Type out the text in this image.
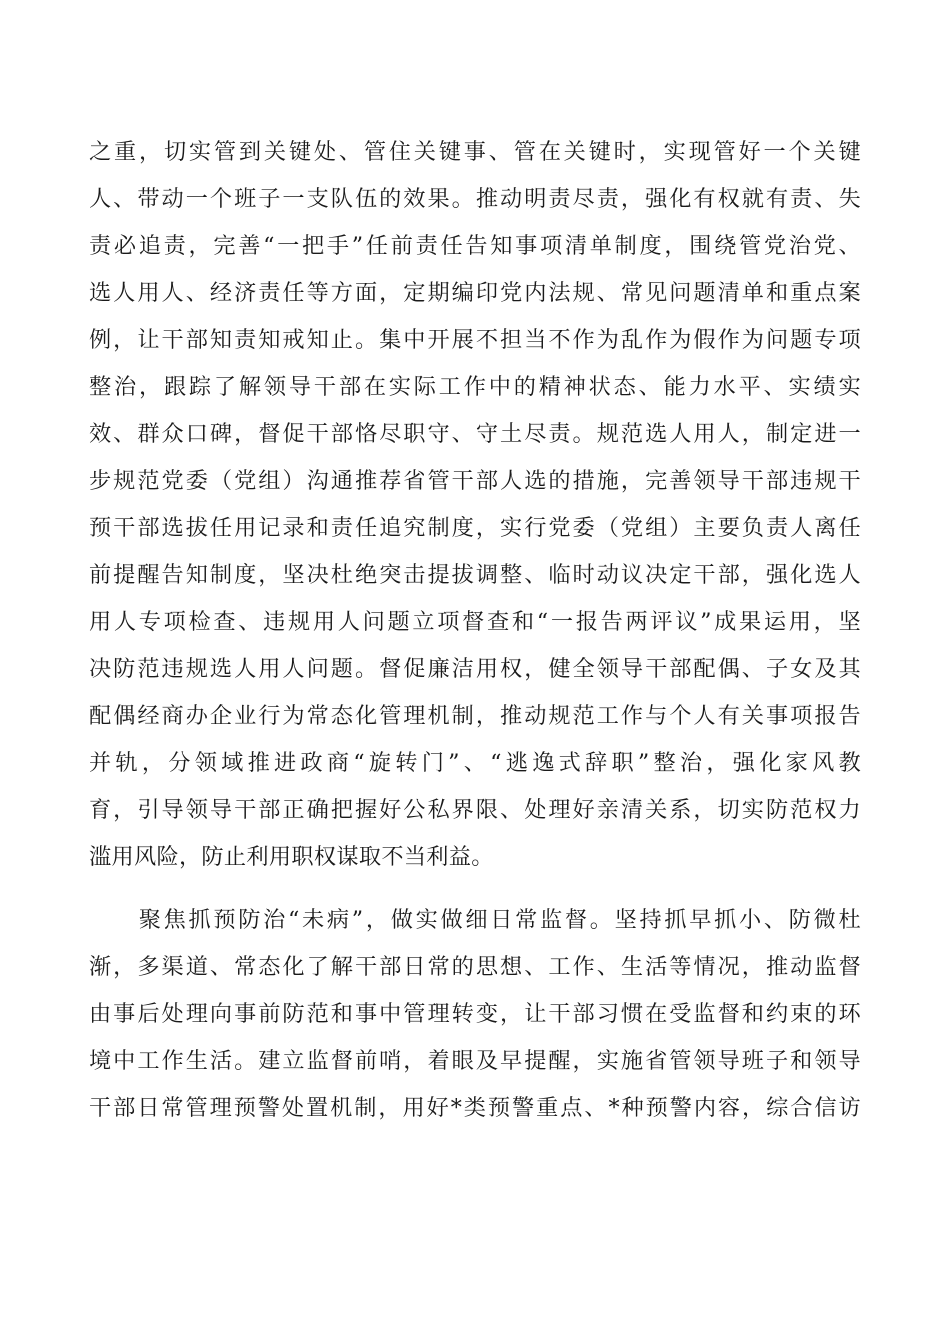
之重，切实管到关键处、管住关键事、管在关键时，实现管好一个关键
人、带动一个班子一支队伍的效果。推动明责尽责，强化有权就有责、失
责必追责，完善“一把手”任前责任告知事项清单制度，围绕管党治党、
选人用人、经济责任等方面，定期编印党内法规、常见问题清单和重点案
例，让干部知责知戒知止。集中开展不担当不作为乱作为假作为问题专项
整治，跟踪了解领导干部在实际工作中的精神状态、能力水平、实绩实
效、群众口碑，督促干部恪尽职守、守土尽责。规范选人用人，制定进一
步规范党委（党组）沟通推荐省管干部人选的措施，完善领导干部违规干
预干部选拔任用记录和责任追究制度，实行党委（党组）主要负责人离任
前提醒告知制度，坚决杜绝突击提拔调整、临时动议决定干部，强化选人
用人专项检查、违规用人问题立项督查和“一报告两评议”成果运用，坚
决防范违规选人用人问题。督促廉洁用权，健全领导干部配偶、子女及其
配偶经商办企业行为常态化管理机制，推动规范工作与个人有关事项报告
并轨，分领域推进政商“旋转门”、“逃逸式辞职”整治，强化家风教
育，引导领导干部正确把握好公私界限、处理好亲清关系，切实防范权力
滥用风险，防止利用职权谋取不当利益。
　　聚焦抓预防治“未病”，做实做细日常监督。坚持抓早抓小、防微杜
渐，多渠道、常态化了解干部日常的思想、工作、生活等情况，推动监督
由事后处理向事前防范和事中管理转变，让干部习惯在受监督和约束的环
境中工作生活。建立监督前哨，着眼及早提醒，实施省管领导班子和领导
干部日常管理预警处置机制，用好*类预警重点、*种预警内容，综合信访
